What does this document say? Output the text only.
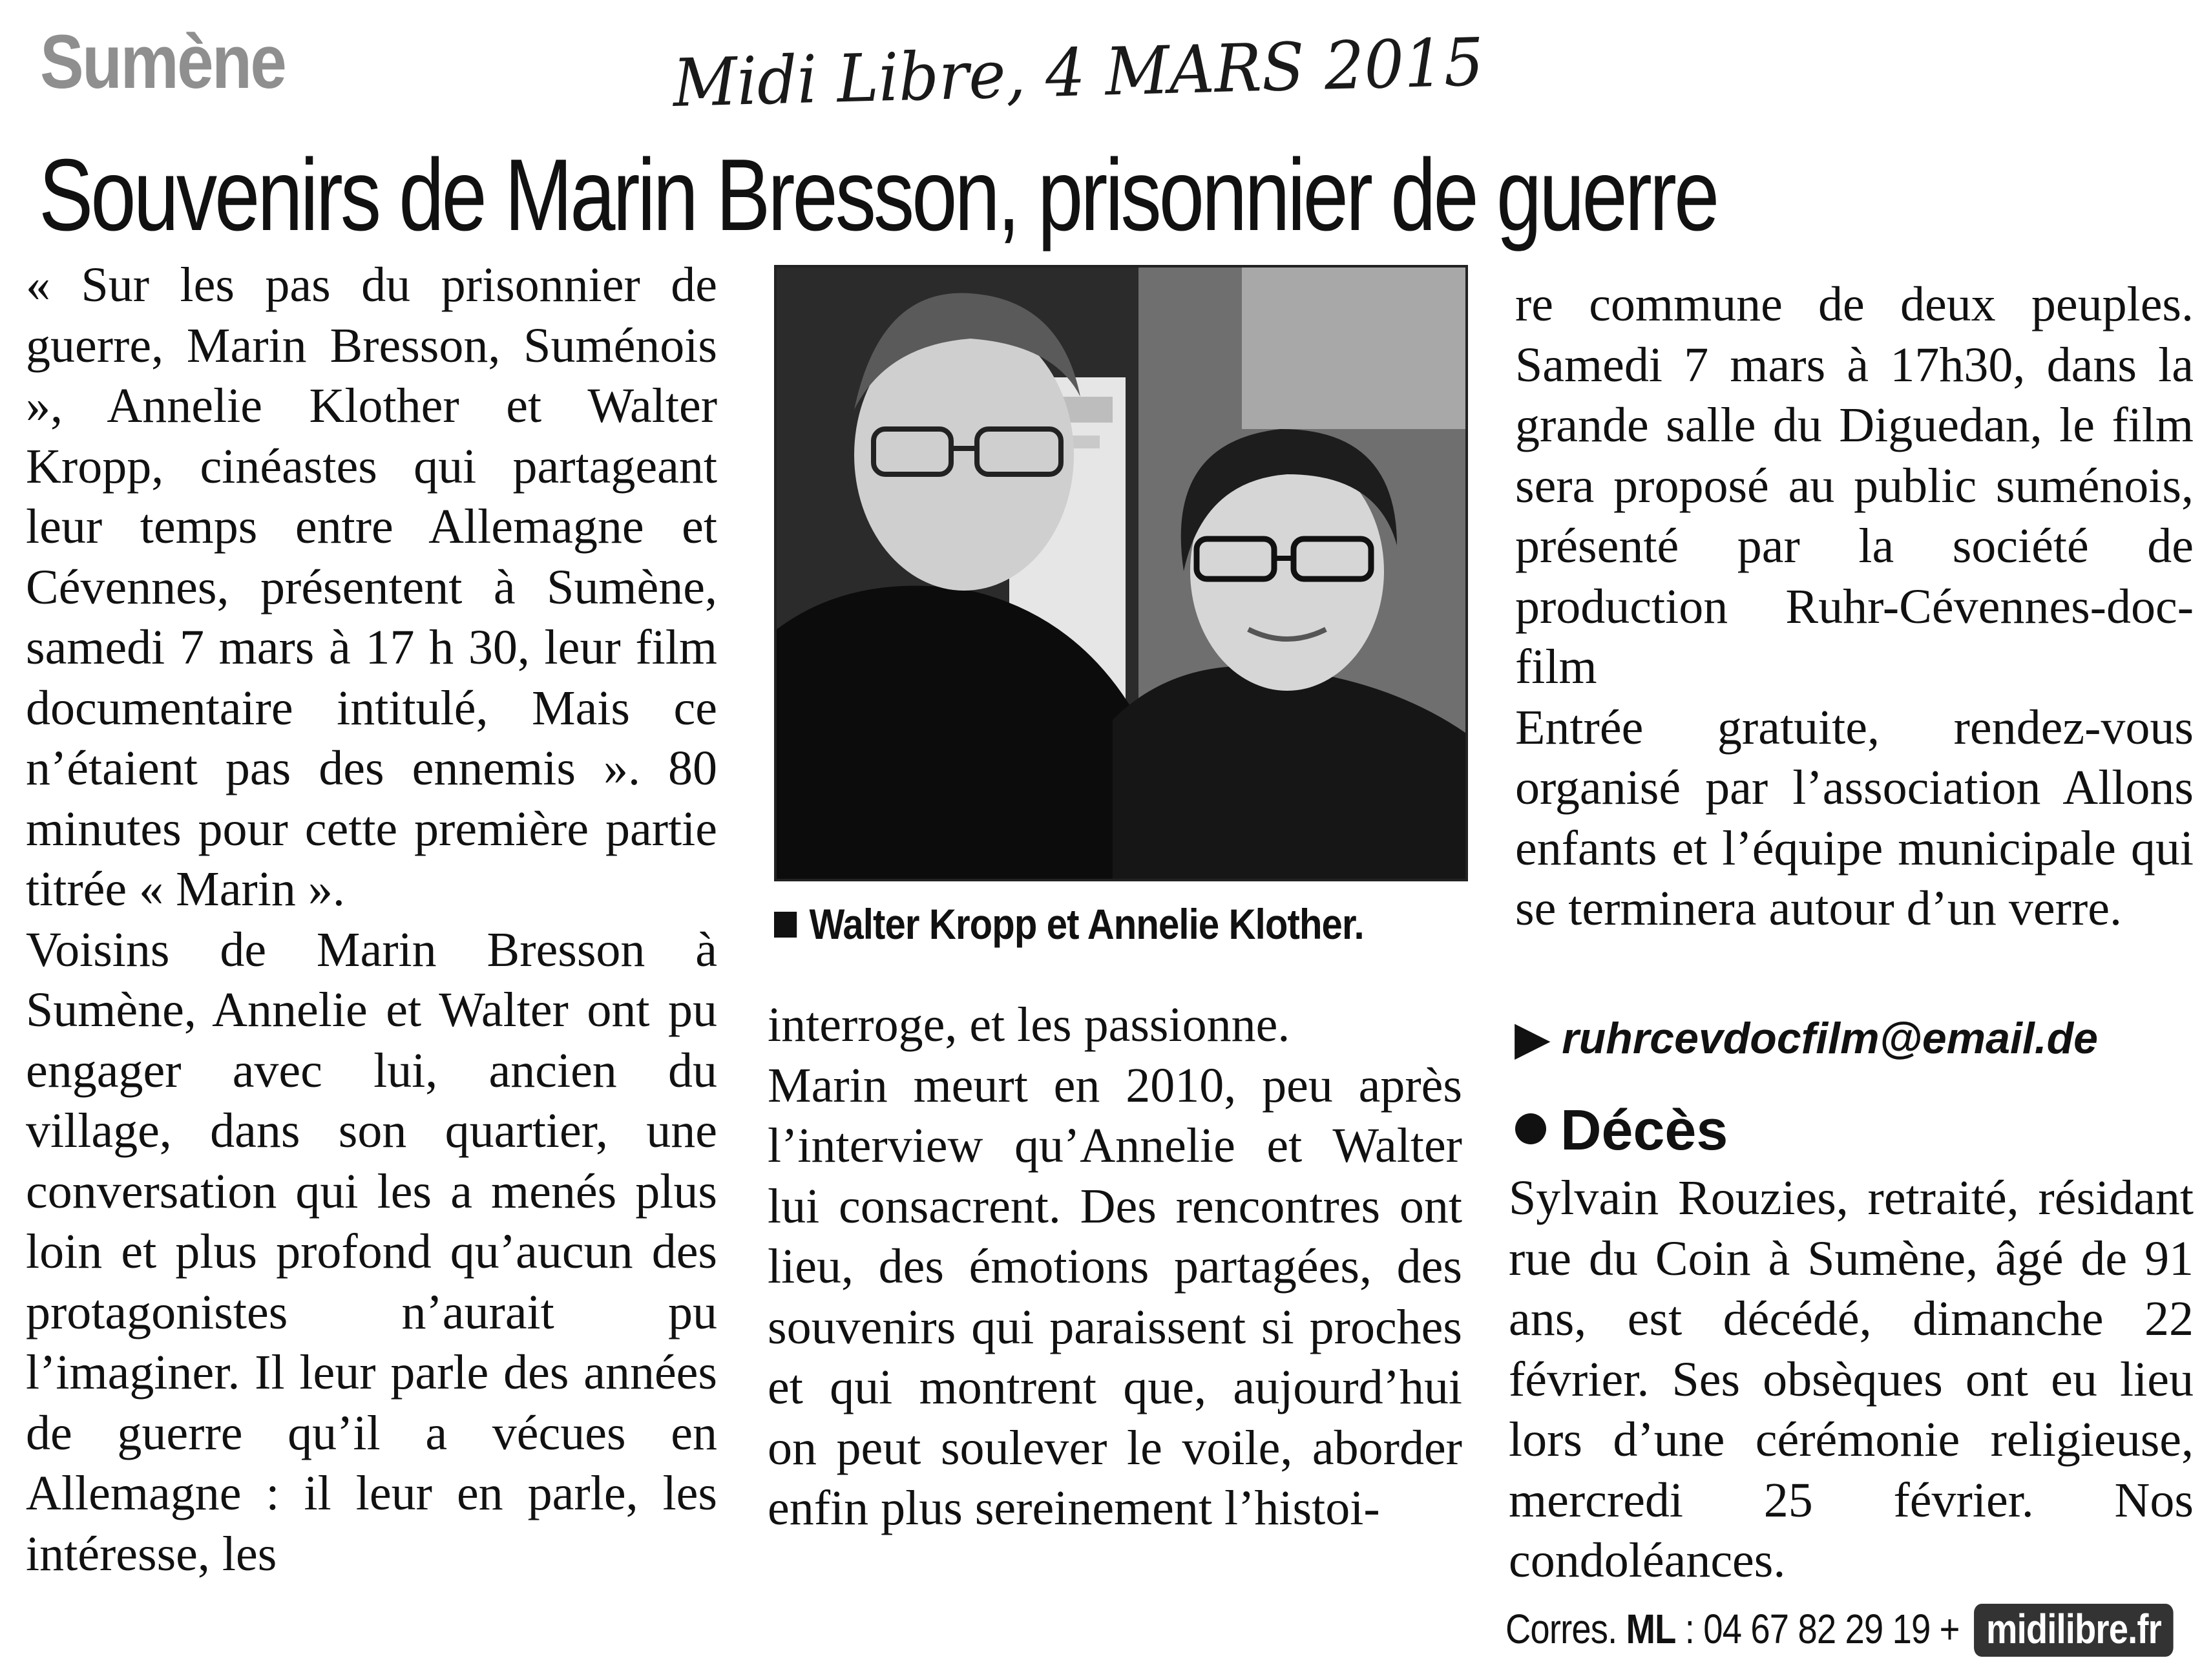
Sumène	Midi Libre, 4 MARS 2015
Souvenirs de Marin Bresson, prisonnier de guerre

« Sur les pas du prisonnier de guerre, Marin Bresson, Suménois », Annelie Klother et Walter Kropp, cinéastes qui partageant leur temps entre Allemagne et Cévennes, présentent à Sumène, samedi 7 mars à 17 h 30, leur film documentaire intitulé, Mais ce n’étaient pas des ennemis ». 80 minutes pour cette première partie titrée « Marin ».

Voisins de Marin Bresson à Sumène, Annelie et Walter ont pu engager avec lui, ancien du village, dans son quartier, une conversation qui les a menés plus loin et plus profond qu’aucun des protagonistes n’aurait pu l’imaginer. Il leur parle des années de guerre qu’il a vécues en Allemagne : il leur en parle, les intéresse, les

Walter Kropp et Annelie Klother.

interroge, et les passionne.

Marin meurt en 2010, peu après l’interview qu’Annelie et Walter lui consacrent. Des rencontres ont lieu, des émotions partagées, des souvenirs qui paraissent si proches et qui montrent que, aujourd’hui on peut soulever le voile, aborder enfin plus sereinement l’histoi-

re commune de deux peuples. Samedi 7 mars à 17h30, dans la grande salle du Diguedan, le film sera proposé au public suménois, présenté par la société de production Ruhr-Cévennes-doc-film

Entrée gratuite, rendez-vous organisé par l’association Allons enfants et l’équipe municipale qui se terminera autour d’un verre.

▶ ruhrcevdocfilm@email.de
Décès

Sylvain Rouzies, retraité, résidant rue du Coin à Sumène, âgé de 91 ans, est décédé, dimanche 22 février. Ses obsèques ont eu lieu lors d’une cérémonie religieuse, mercredi 25 février. Nos condoléances.

Corres. ML : 04 67 82 29 19 + midilibre.fr
